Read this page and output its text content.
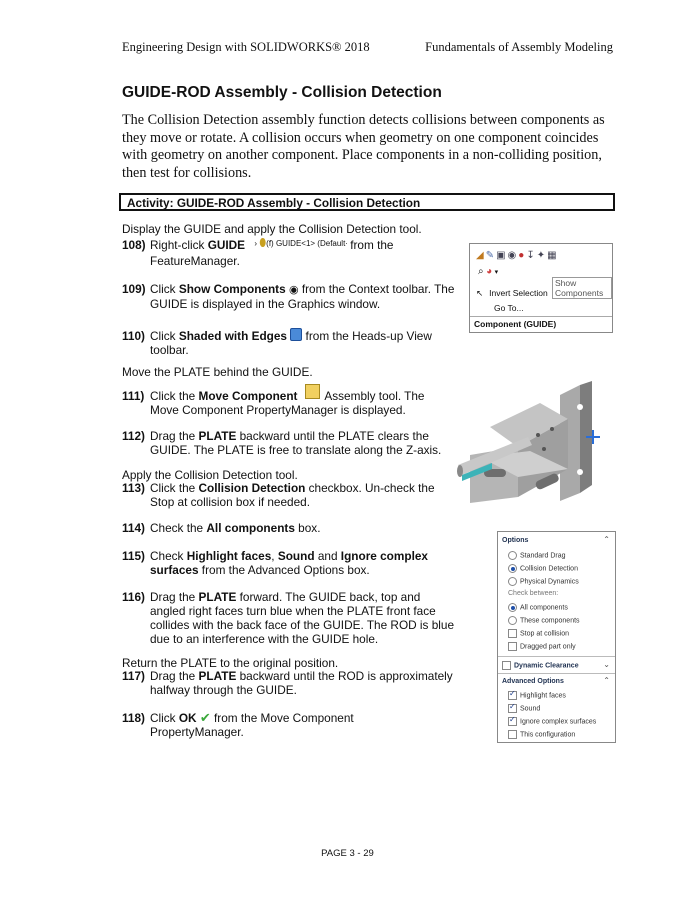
Engineering Design with SOLIDWORKS® 2018	Fundamentals of Assembly Modeling
GUIDE-ROD Assembly - Collision Detection
The Collision Detection assembly function detects collisions between components as they move or rotate. A collision occurs when geometry on one component coincides with geometry on another component. Place components in a non-colliding position, then test for collisions.
Activity: GUIDE-ROD Assembly - Collision Detection
Display the GUIDE and apply the Collision Detection tool.
108) Right-click GUIDE $^{› ⬮(f) GUIDE<1> (Default\cdot}$ from the
FeatureManager.	◢✎▣◉●↧✦▦
⌕ ◕ ▾
Show Components
↖ Invert Selection
Go To...
Component (GUIDE)
109) Click Show Components ◉ from the Context toolbar. The
GUIDE is displayed in the Graphics window.
110) Click Shaded with Edges  from the Heads-up View
toolbar.
Move the PLATE behind the GUIDE.
111) Click the Move Component  Assembly tool. The
Move Component PropertyManager is displayed.
112) Drag the PLATE backward until the PLATE clears the
GUIDE. The PLATE is free to translate along the Z-axis.
Apply the Collision Detection tool.
113) Click the Collision Detection checkbox. Un-check the
Stop at collision box if needed.
114) Check the All components box.
Options	⌃
Standard Drag
Collision Detection
Physical Dynamics
Check between:
All components
These components
Stop at collision
Dragged part only
Dynamic Clearance	⌄
Advanced Options	⌃
✓Highlight faces
✓Sound
✓Ignore complex surfaces
This configuration
115) Check Highlight faces, Sound and Ignore complex
surfaces from the Advanced Options box.
116) Drag the PLATE forward. The GUIDE back, top and
angled right faces turn blue when the PLATE front face
collides with the back face of the GUIDE. The ROD is blue
due to an interference with the GUIDE hole.
Return the PLATE to the original position.
117) Drag the PLATE backward until the ROD is approximately
halfway through the GUIDE.
118) Click OK ✔ from the Move Component
PropertyManager.
PAGE 3 - 29
